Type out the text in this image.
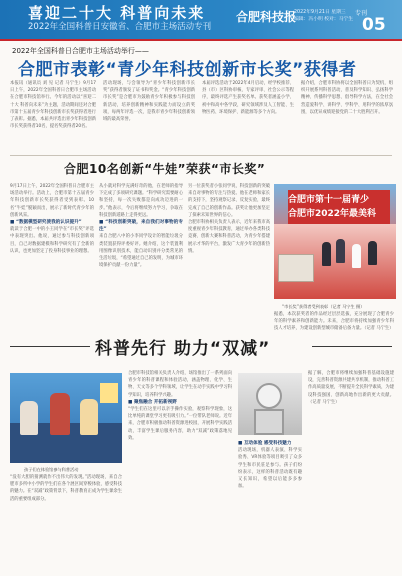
喜迎二十大 科普向未来
2022年全国科普日安徽省、合肥市主场活动专刊
合肥科技报
2022年9月21日 星期三
编辑：冯小明 校对：马宁生
专刊
05
2022年全国科普日合肥市主场活动举行——
合肥市表彰“青少年科技创新市长奖”获得者

本报讯（通讯员 刘 见 记者 马宁生）9月17日上午，2022年全国科普日合肥市主场活动在合肥市科技馆举行。今年的活动以“喜迎二十大 科普向未来”为主题，活动期间还对合肥市第十五届青少年科技创新市长奖获得者进行了表彰。据悉，本届共评选出青少年科技创新市长奖获得者10名，提名奖获得者20名。

活动现场，与会领导为“青少年科技创新市长奖”获得者颁发了证书和奖金。“青少年科技创新市长奖”是合肥市为鼓励青少年积极参与科技创新活动，培养创新精神和实践能力而设立的奖项，每两年评选一次，是我市青少年科技创新领域的最高荣誉。

本届评选活动于2022年4月启动，经学校推荐、县（市）区科协审核、专家评审、社会公示等程序，最终评选产生获奖名单。获奖者涵盖小学、初中和高中各学段，研究领域涉及人工智能、生物医药、环境保护、新能源等多个方向。

据介绍，合肥市科协将以全国科普日为契机，组织开展系列科普活动，普及科学知识、弘扬科学精神、传播科学思想、倡导科学方法，在全社会营造爱科学、讲科学、学科学、用科学的浓厚氛围，以优异成绩迎接党的二十大胜利召开。

合肥10名创新“牛娃”荣获“市长奖”

9月17日上午，2022年全国科普日合肥市主场活动举行。活动上，合肥市第十五届青少年科技创新市长奖获得者受到表彰。10名“牛娃”脱颖而出，展示了新时代青少年的创新风采。

■ “数据模型研究使我的认识提升”

就读于合肥一中的小王同学在“市长奖”评选中表现突出。他说，通过参与科技创新项目，自己对数据建模和科学研究有了全新的认识，也更加坚定了投身科技事业的理想。

从小就对科学充满好奇的他，在老师的指导下完成了多项研究课题。“科学研究需要耐心和坚持，每一次失败都是向成功迈进的一步。”他表示，今后将继续努力学习，争取在科技创新道路上走得更远。

■ “科技创新突破，来自我们对事物的专注”

来自合肥八中的小李同学设计的智能垃圾分类装置获得评委好评。她介绍，这个装置利用图像识别技术，能自动识别并分类常见的生活垃圾，“希望通过自己的发明，为城市环境保护贡献一份力量”。

另一位获奖者小张同学说，科技创新的突破来自对事物的专注与热爱。他在老师和家长的支持下，坚持观察记录、反复实验，最终完成了自己的创新作品。获奖让他更加坚定了探索未知世界的信心。

合肥市科协相关负责人表示，近年来我市高度重视青少年科技教育，通过举办各类科技竞赛、创新大赛和科普活动，为青少年搭建展示才华的平台，激发广大青少年的创新热情。

合肥市第十一届青少
合肥市2022年最美科
“市长奖”获得者受到表彰（记者 马宁生 摄）

据悉，本次获奖者的作品经过层层选拔，充分展现了合肥青少年的科学素养和创新能力。未来，合肥市将持续加强青少年科技人才培养，为建设创新型城市储备后备力量。（记者 马宁生）

科普先行 助力“双减”
孩子们在体验馆参与科普活动

“没有大胆的猜测就作不出伟大的发现。”活动现场，来自合肥市多所中小学的学生们在各个展区间穿梭体验，感受科技的魅力。在“双减”政策背景下，科普教育正成为学生课余生活的重要组成部分。

合肥市科技馆相关负责人介绍，场馆推出了一系列面向青少年的科普课程和体验活动，涵盖物理、化学、生物、天文等多个学科领域，让学生在动手实践中学习科学知识，培养科学兴趣。

■ 聚焦融合 开拓新视野

“学生们在这里可以亲手操作实验，观察科学现象，这比单纯的课堂学习更有吸引力。”一位带队老师说。近年来，合肥市积极推动科普资源进校园，开展科学实践活动，丰富学生课后服务内容，助力“双减”政策落地见效。

■ 互动体验 感受科技魅力

活动现场，机器人表演、科学实验秀、VR体验等项目吸引了众多学生和市民驻足参与。孩子们纷纷表示，这样的科普活动既有趣又长知识，希望以后能多多参加。

据了解，合肥市将继续加强科普基础设施建设，完善科普资源共建共享机制，推动科普工作高质量发展，不断提升全民科学素质，为建设科技强国、创新高地作出新的更大贡献。（记者 马宁生）
